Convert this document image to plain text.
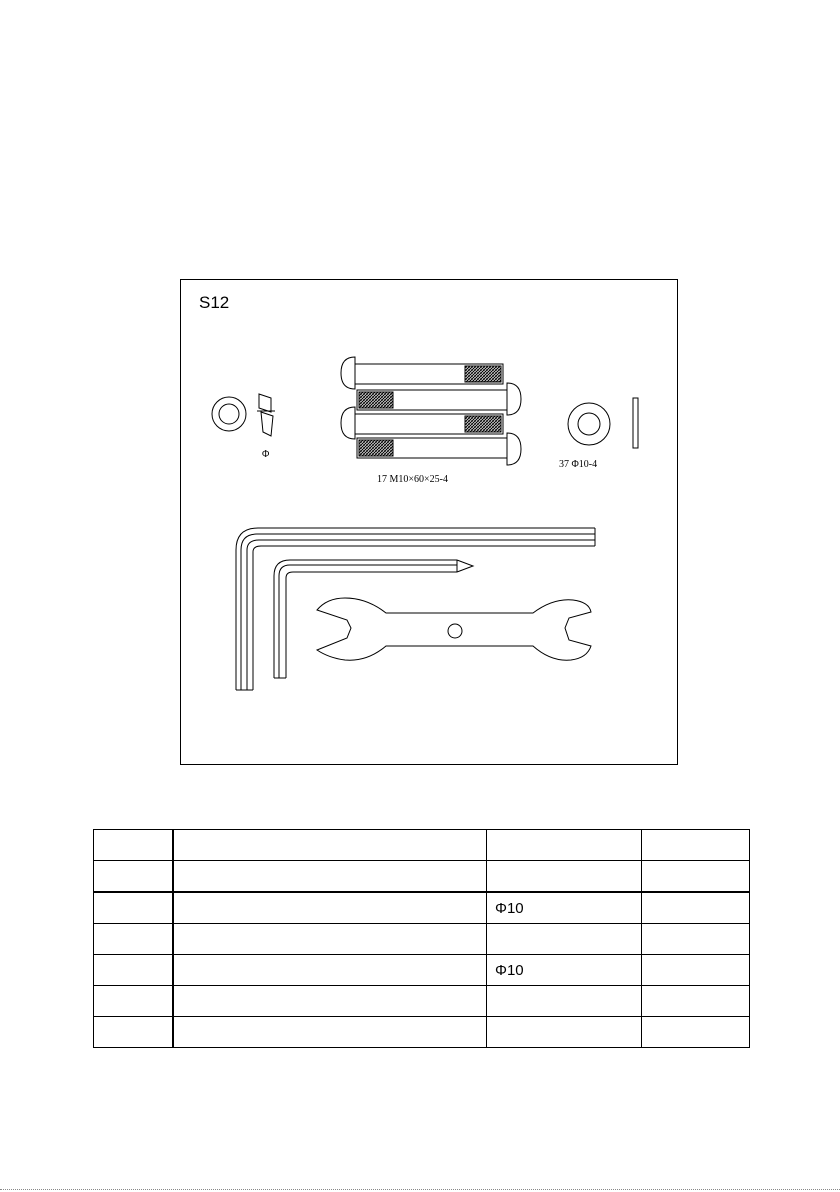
S12
Φ
17 M10×60×25-4
37 Φ10-4

		Φ10	

		Φ10	
